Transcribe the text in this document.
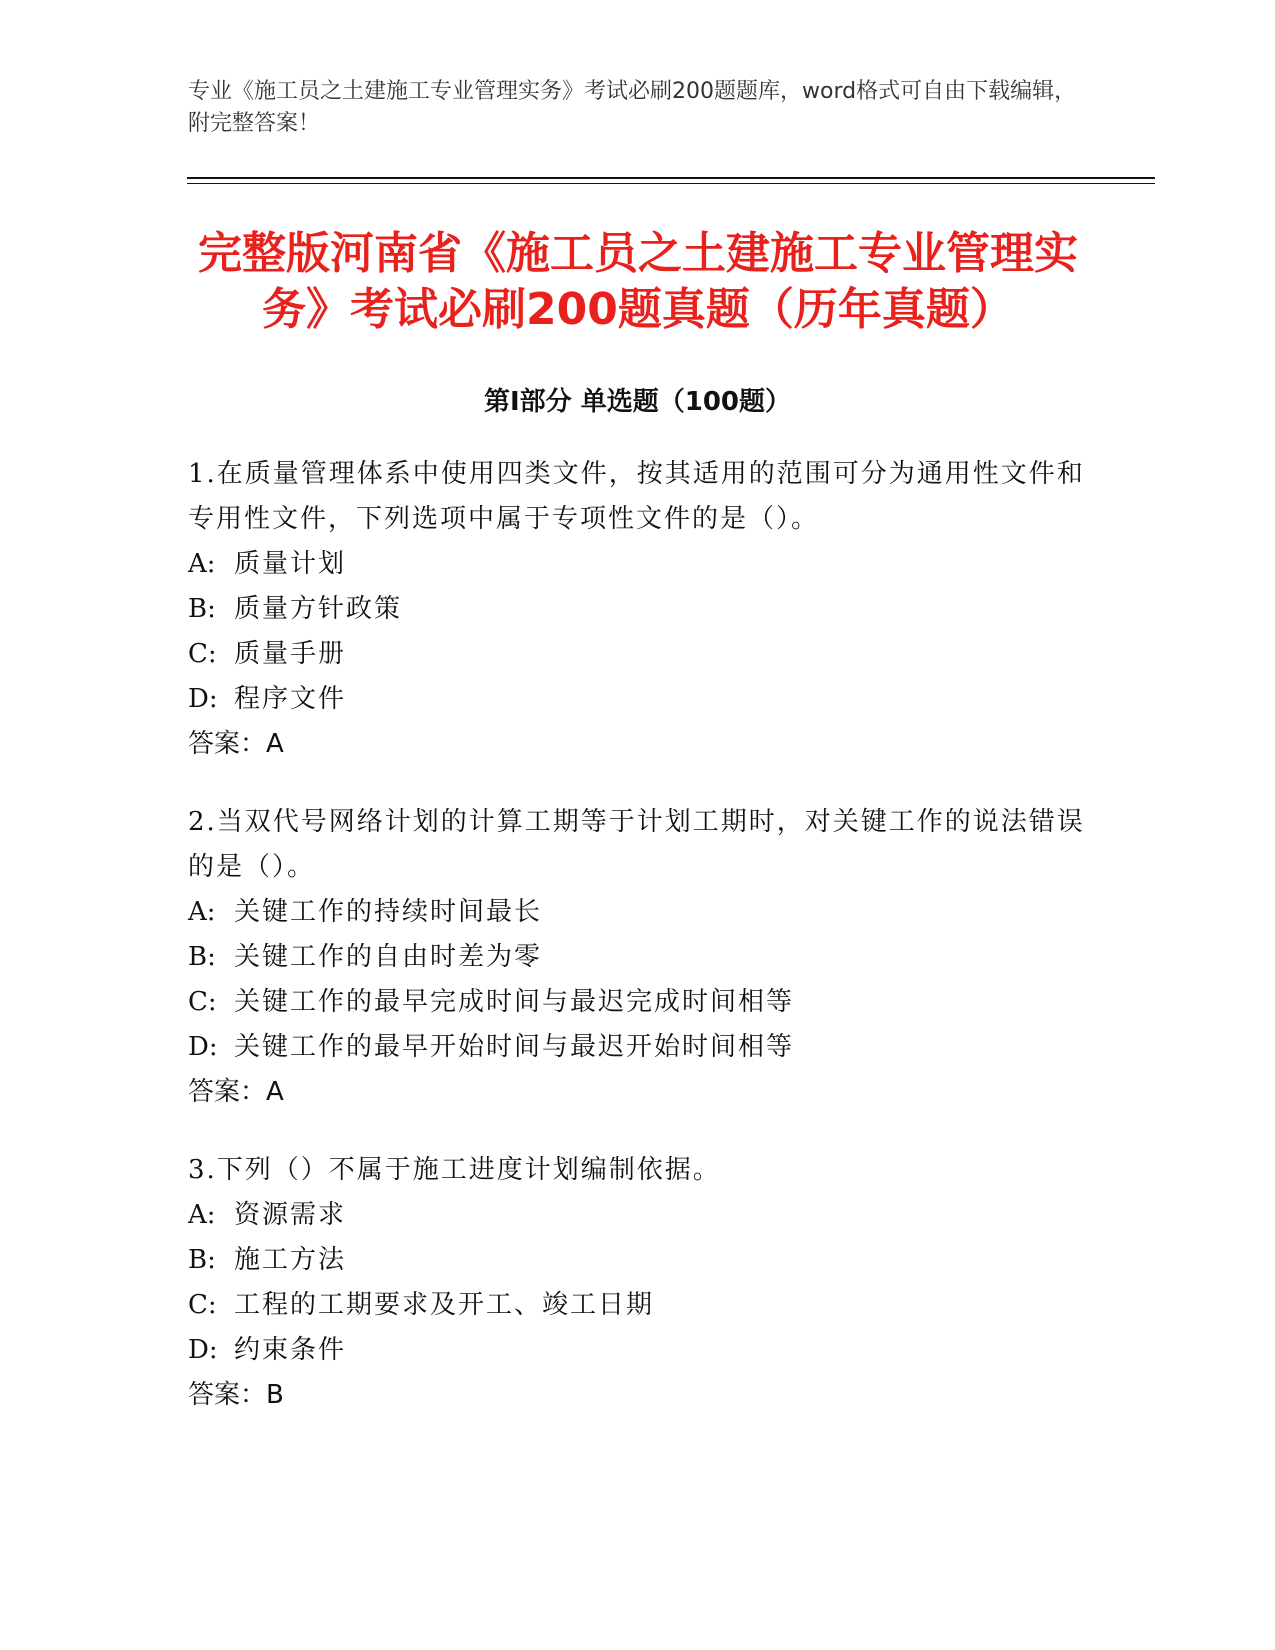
专业《施工员之土建施工专业管理实务》考试必刷200题题库，word格式可自由下载编辑，附完整答案！
完整版河南省《施工员之土建施工专业管理实务》考试必刷200题真题（历年真题）
第Ⅰ部分 单选题（100题）

1.在质量管理体系中使用四类文件，按其适用的范围可分为通用性文件和专用性文件，下列选项中属于专项性文件的是（）。

A: 质量计划

B: 质量方针政策

C: 质量手册

D: 程序文件

答案：A

2.当双代号网络计划的计算工期等于计划工期时，对关键工作的说法错误的是（）。

A: 关键工作的持续时间最长

B: 关键工作的自由时差为零

C: 关键工作的最早完成时间与最迟完成时间相等

D: 关键工作的最早开始时间与最迟开始时间相等

答案：A

3.下列（）不属于施工进度计划编制依据。

A: 资源需求

B: 施工方法

C: 工程的工期要求及开工、竣工日期

D: 约束条件

答案：B
